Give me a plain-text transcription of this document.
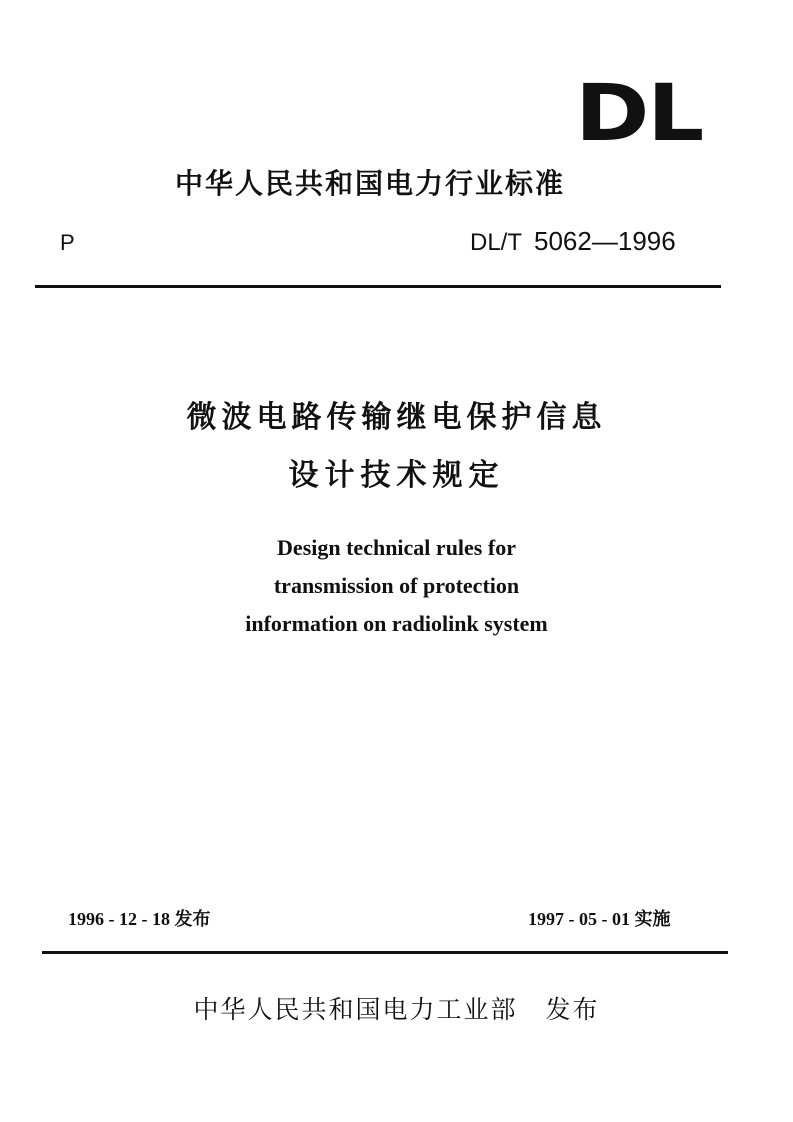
DL
中华人民共和国电力行业标准
P	DL/T 5062—1996
微波电路传输继电保护信息
设计技术规定
Design technical rules for
transmission of protection
information on radiolink system
1996 - 12 - 18 发布	1997 - 05 - 01 实施
中华人民共和国电力工业部 发布
